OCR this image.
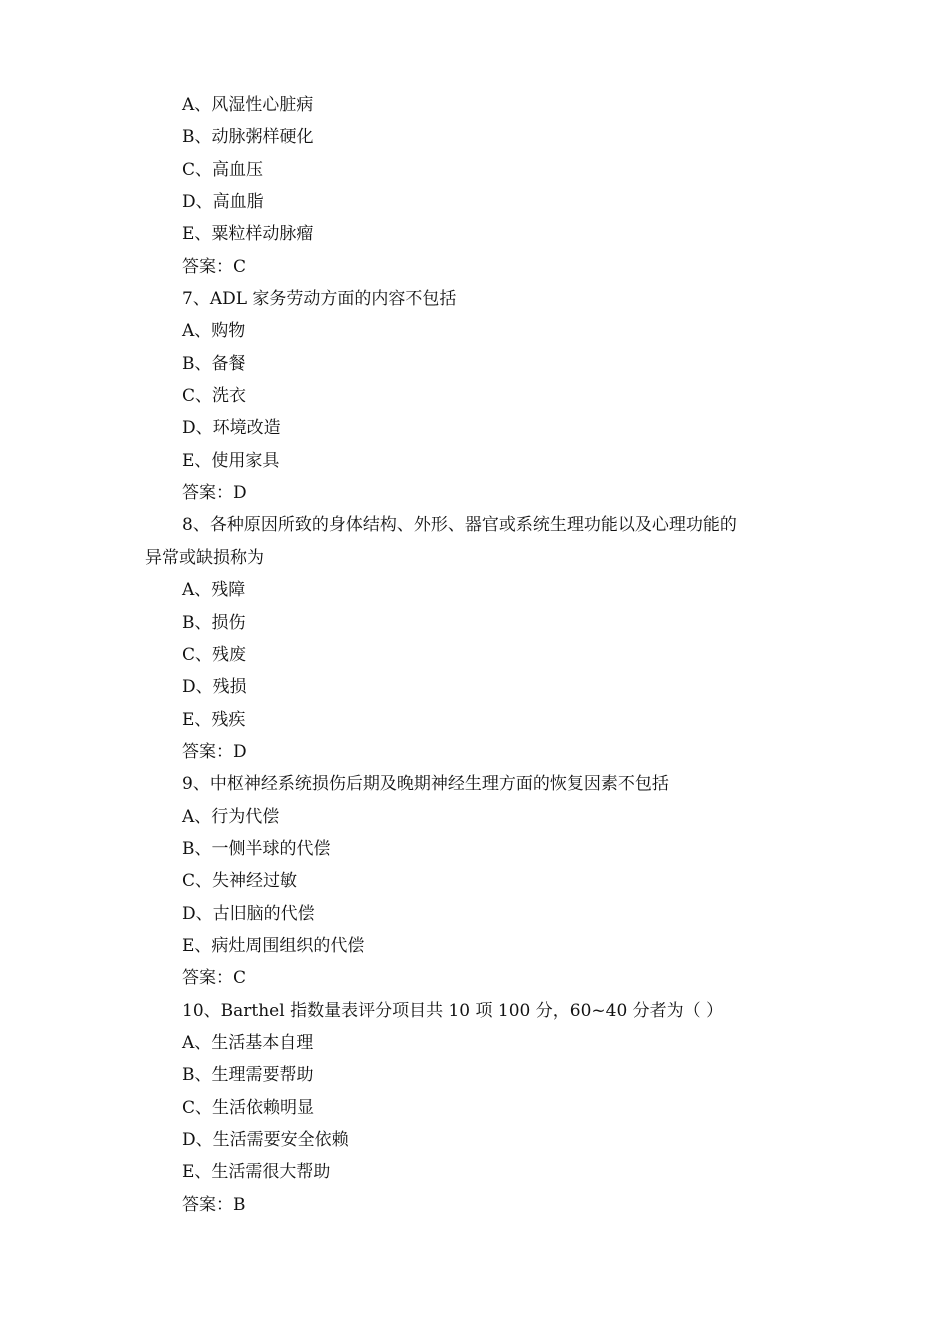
A、风湿性心脏病
B、动脉粥样硬化
C、高血压
D、高血脂
E、粟粒样动脉瘤
答案：C
7、ADL 家务劳动方面的内容不包括
A、购物
B、备餐
C、洗衣
D、环境改造
E、使用家具
答案：D
8、各种原因所致的身体结构、外形、器官或系统生理功能以及心理功能的
异常或缺损称为
A、残障
B、损伤
C、残废
D、残损
E、残疾
答案：D
9、中枢神经系统损伤后期及晚期神经生理方面的恢复因素不包括
A、行为代偿
B、一侧半球的代偿
C、失神经过敏
D、古旧脑的代偿
E、病灶周围组织的代偿
答案：C
10、Barthel 指数量表评分项目共 10 项 100 分，60~40 分者为（ ）
A、生活基本自理
B、生理需要帮助
C、生活依赖明显
D、生活需要安全依赖
E、生活需很大帮助
答案：B
